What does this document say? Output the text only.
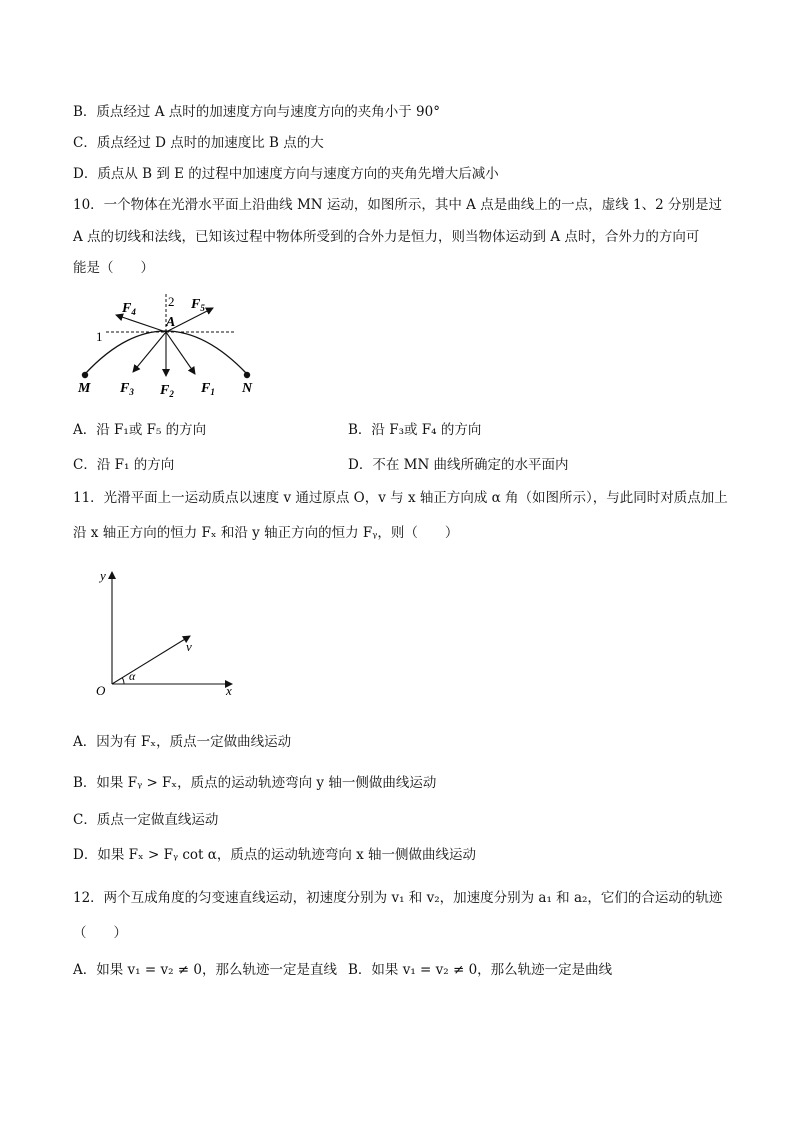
B．质点经过 A 点时的加速度方向与速度方向的夹角小于 90°
C．质点经过 D 点时的加速度比 B 点的大
D．质点从 B 到 E 的过程中加速度方向与速度方向的夹角先增大后减小
10．一个物体在光滑水平面上沿曲线 MN 运动，如图所示，其中 A 点是曲线上的一点，虚线 1、2 分别是过
A 点的切线和法线，已知该过程中物体所受到的合外力是恒力，则当物体运动到 A 点时，合外力的方向可
能是（　　）
$F_4$
2 $F_5$
A
1
M $F_3$ $F_2$ $F_1$ N
A．沿 F₁或 F₅ 的方向	B．沿 F₃或 F₄ 的方向
C．沿 F₁ 的方向	D．不在 MN 曲线所确定的水平面内
11．光滑平面上一运动质点以速度 v 通过原点 O，v 与 x 轴正方向成 α 角（如图所示），与此同时对质点加上
沿 x 轴正方向的恒力 Fₓ 和沿 y 轴正方向的恒力 Fᵧ，则（　　）
y
v
α
O	x
A．因为有 Fₓ，质点一定做曲线运动
B．如果 Fᵧ > Fₓ，质点的运动轨迹弯向 y 轴一侧做曲线运动
C．质点一定做直线运动
D．如果 Fₓ > Fᵧ cot α，质点的运动轨迹弯向 x 轴一侧做曲线运动
12．两个互成角度的匀变速直线运动，初速度分别为 v₁ 和 v₂，加速度分别为 a₁ 和 a₂，它们的合运动的轨迹
（　　）
A．如果 v₁ = v₂ ≠ 0，那么轨迹一定是直线 B．如果 v₁ = v₂ ≠ 0，那么轨迹一定是曲线
